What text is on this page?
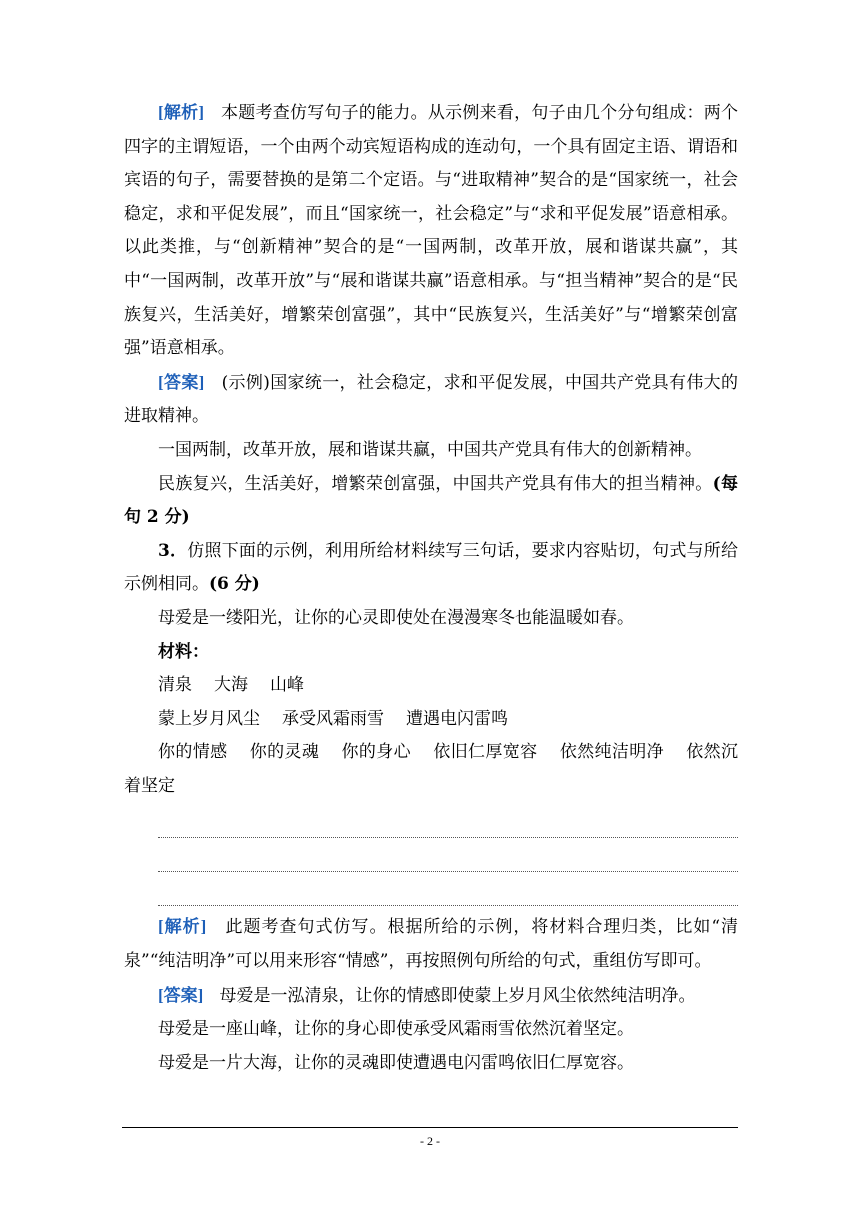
[解析] 本题考查仿写句子的能力。从示例来看，句子由几个分句组成：两个四字的主谓短语，一个由两个动宾短语构成的连动句，一个具有固定主语、谓语和宾语的句子，需要替换的是第二个定语。与“进取精神”契合的是“国家统一，社会稳定，求和平促发展”，而且“国家统一，社会稳定”与“求和平促发展”语意相承。以此类推，与“创新精神”契合的是“一国两制，改革开放，展和谐谋共赢”，其中“一国两制，改革开放”与“展和谐谋共赢”语意相承。与“担当精神”契合的是“民族复兴，生活美好，增繁荣创富强”，其中“民族复兴，生活美好”与“增繁荣创富强”语意相承。

[答案] (示例)国家统一，社会稳定，求和平促发展，中国共产党具有伟大的进取精神。

一国两制，改革开放，展和谐谋共赢，中国共产党具有伟大的创新精神。

民族复兴，生活美好，增繁荣创富强，中国共产党具有伟大的担当精神。(每句 2 分)

3．仿照下面的示例，利用所给材料续写三句话，要求内容贴切，句式与所给示例相同。(6 分)

母爱是一缕阳光，让你的心灵即使处在漫漫寒冬也能温暖如春。

材料：

清泉 大海 山峰

蒙上岁月风尘 承受风霜雨雪 遭遇电闪雷鸣

你的情感 你的灵魂 你的身心 依旧仁厚宽容 依然纯洁明净 依然沉着坚定

[解析] 此题考查句式仿写。根据所给的示例，将材料合理归类，比如“清泉”“纯洁明净”可以用来形容“情感”，再按照例句所给的句式，重组仿写即可。

[答案] 母爱是一泓清泉，让你的情感即使蒙上岁月风尘依然纯洁明净。

母爱是一座山峰，让你的身心即使承受风霜雨雪依然沉着坚定。

母爱是一片大海，让你的灵魂即使遭遇电闪雷鸣依旧仁厚宽容。

- 2 -
